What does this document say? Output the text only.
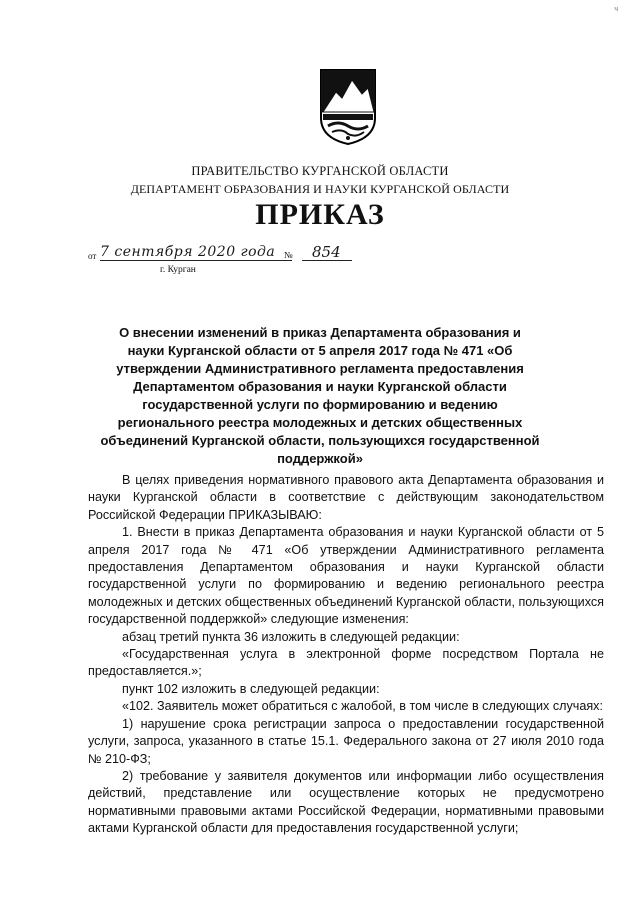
ч
ПРАВИТЕЛЬСТВО КУРГАНСКОЙ ОБЛАСТИ
ДЕПАРТАМЕНТ ОБРАЗОВАНИЯ И НАУКИ КУРГАНСКОЙ ОБЛАСТИ
ПРИКАЗ
от 7 сентября 2020 года № 854
г. Курган
О внесении изменений в приказ Департамента образования и науки Курганской области от 5 апреля 2017 года № 471 «Об утверждении Административного регламента предоставления Департаментом образования и науки Курганской области государственной услуги по формированию и ведению регионального реестра молодежных и детских общественных объединений Курганской области, пользующихся государственной поддержкой»

В целях приведения нормативного правового акта Департамента образования и науки Курганской области в соответствие с действующим законодательством Российской Федерации ПРИКАЗЫВАЮ:

1. Внести в приказ Департамента образования и науки Курганской области от 5 апреля 2017 года № 471 «Об утверждении Административного регламента предоставления Департаментом образования и науки Курганской области государственной услуги по формированию и ведению регионального реестра молодежных и детских общественных объединений Курганской области, пользующихся государственной поддержкой» следующие изменения:

абзац третий пункта 36 изложить в следующей редакции:

«Государственная услуга в электронной форме посредством Портала не предоставляется.»;

пункт 102 изложить в следующей редакции:

«102. Заявитель может обратиться с жалобой, в том числе в следующих случаях:

1) нарушение срока регистрации запроса о предоставлении государственной услуги, запроса, указанного в статье 15.1. Федерального закона от 27 июля 2010 года № 210-ФЗ;

2) требование у заявителя документов или информации либо осуществления действий, представление или осуществление которых не предусмотрено нормативными правовыми актами Российской Федерации, нормативными правовыми актами Курганской области для предоставления государственной услуги;
